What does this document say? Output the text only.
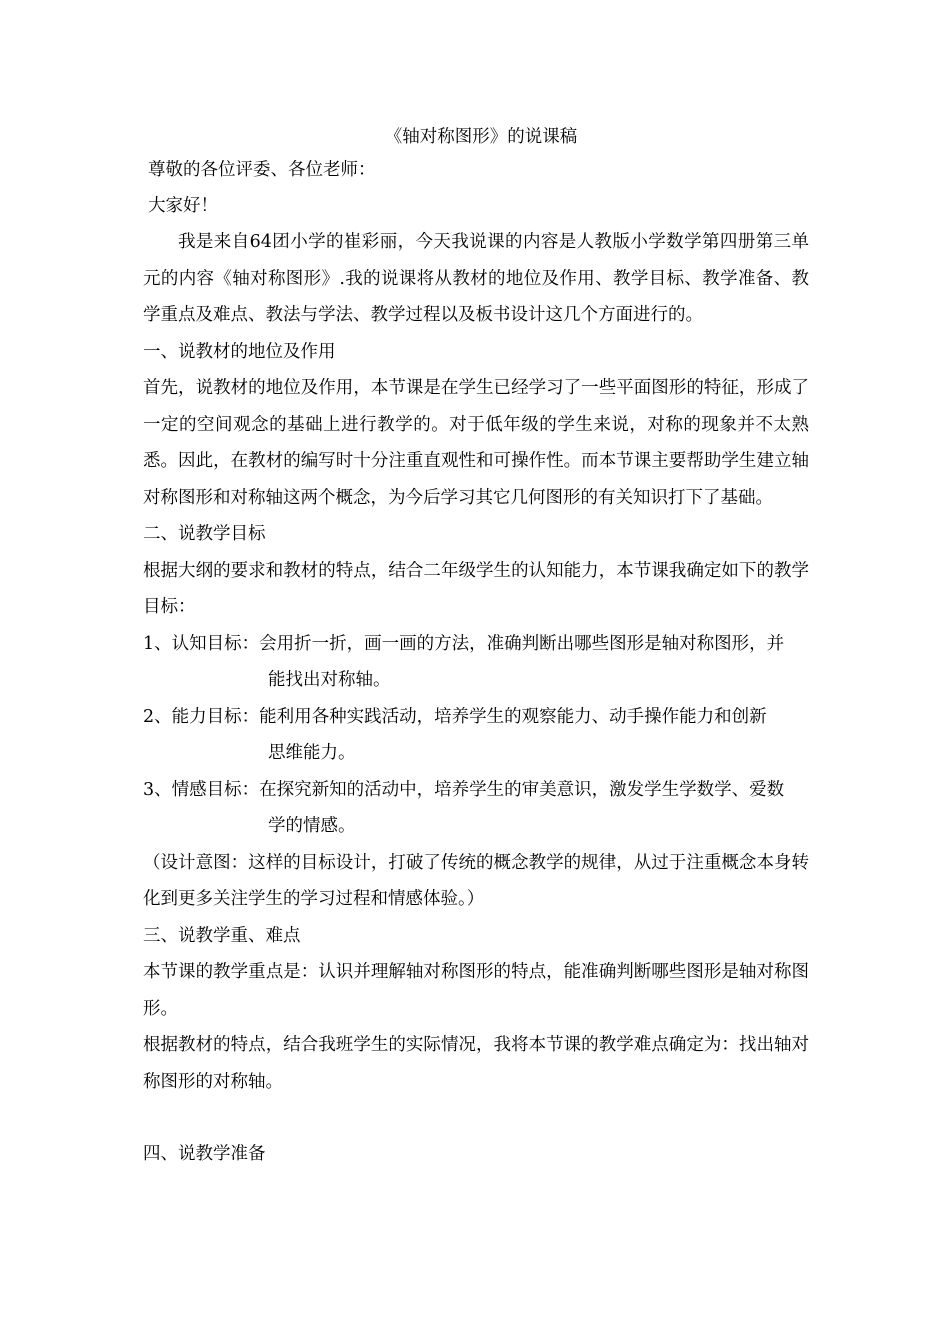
《轴对称图形》的说课稿

尊敬的各位评委、各位老师：

大家好！

我是来自64团小学的崔彩丽，今天我说课的内容是人教版小学数学第四册第三单元的内容《轴对称图形》.我的说课将从教材的地位及作用、教学目标、教学准备、教学重点及难点、教法与学法、教学过程以及板书设计这几个方面进行的。

一、说教材的地位及作用

首先，说教材的地位及作用，本节课是在学生已经学习了一些平面图形的特征，形成了一定的空间观念的基础上进行教学的。对于低年级的学生来说，对称的现象并不太熟悉。因此，在教材的编写时十分注重直观性和可操作性。而本节课主要帮助学生建立轴对称图形和对称轴这两个概念，为今后学习其它几何图形的有关知识打下了基础。

二、说教学目标

根据大纲的要求和教材的特点，结合二年级学生的认知能力，本节课我确定如下的教学目标：

1、认知目标： 会用折一折，画一画的方法，准确判断出哪些图形是轴对称图形，并

能找出对称轴。

2、能力目标： 能利用各种实践活动，培养学生的观察能力、动手操作能力和创新

思维能力。

3、情感目标： 在探究新知的活动中，培养学生的审美意识，激发学生学数学、爱数

学的情感。

（设计意图：这样的目标设计，打破了传统的概念教学的规律，从过于注重概念本身转化到更多关注学生的学习过程和情感体验。）

三、说教学重、难点

本节课的教学重点是：认识并理解轴对称图形的特点，能准确判断哪些图形是轴对称图形。

根据教材的特点，结合我班学生的实际情况，我将本节课的教学难点确定为：找出轴对称图形的对称轴。

四、说教学准备
